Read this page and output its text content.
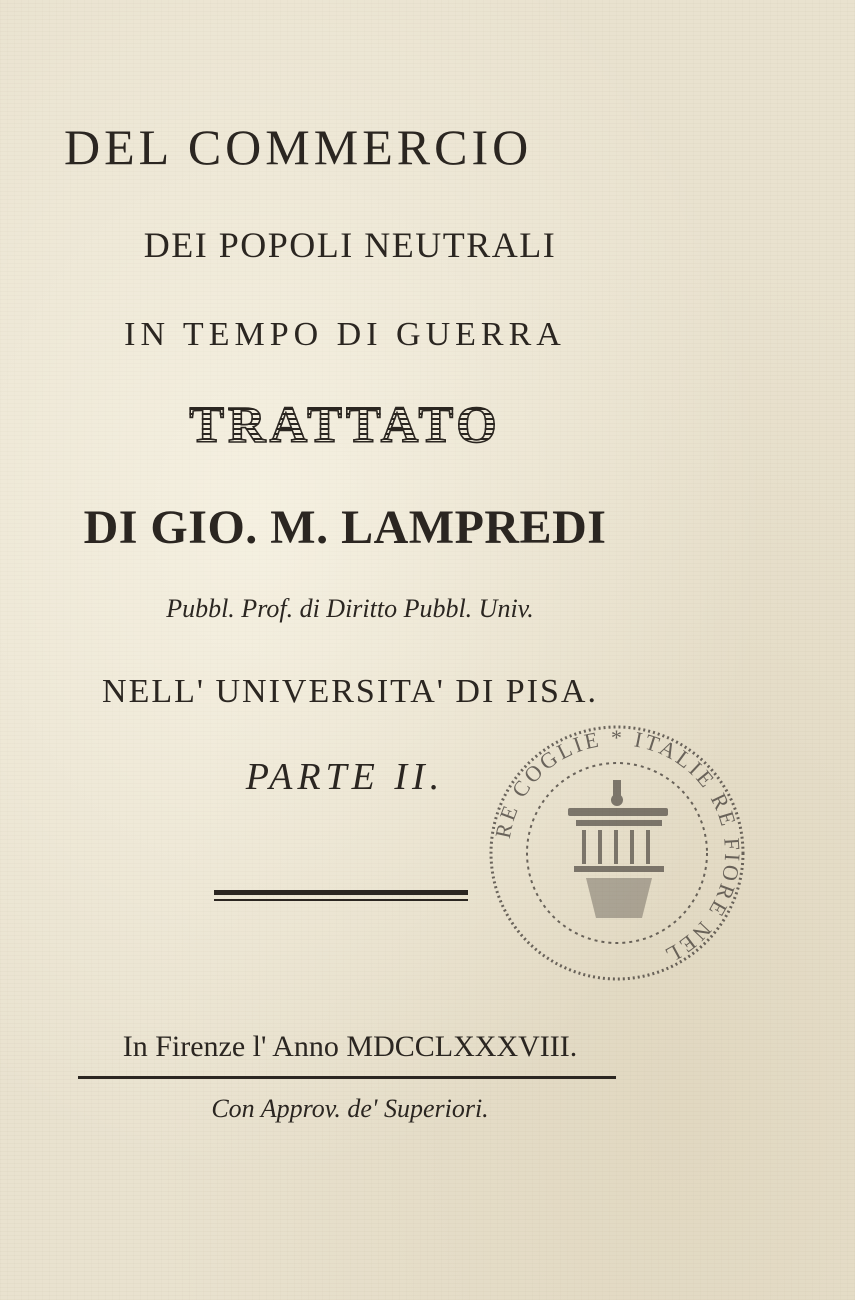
DEL COMMERCIO
DEI POPOLI NEUTRALI
IN TEMPO DI GUERRA
TRATTATO
DI GIO. M. LAMPREDI
Pubbl. Prof. di Diritto Pubbl. Univ.
NELL' UNIVERSITA' DI PISA.
PARTE II.
In Firenze l' Anno MDCCLXXXVIII.
Con Approv. de' Superiori.
RE COGLIE * ITALIE RE FIORE NEL
